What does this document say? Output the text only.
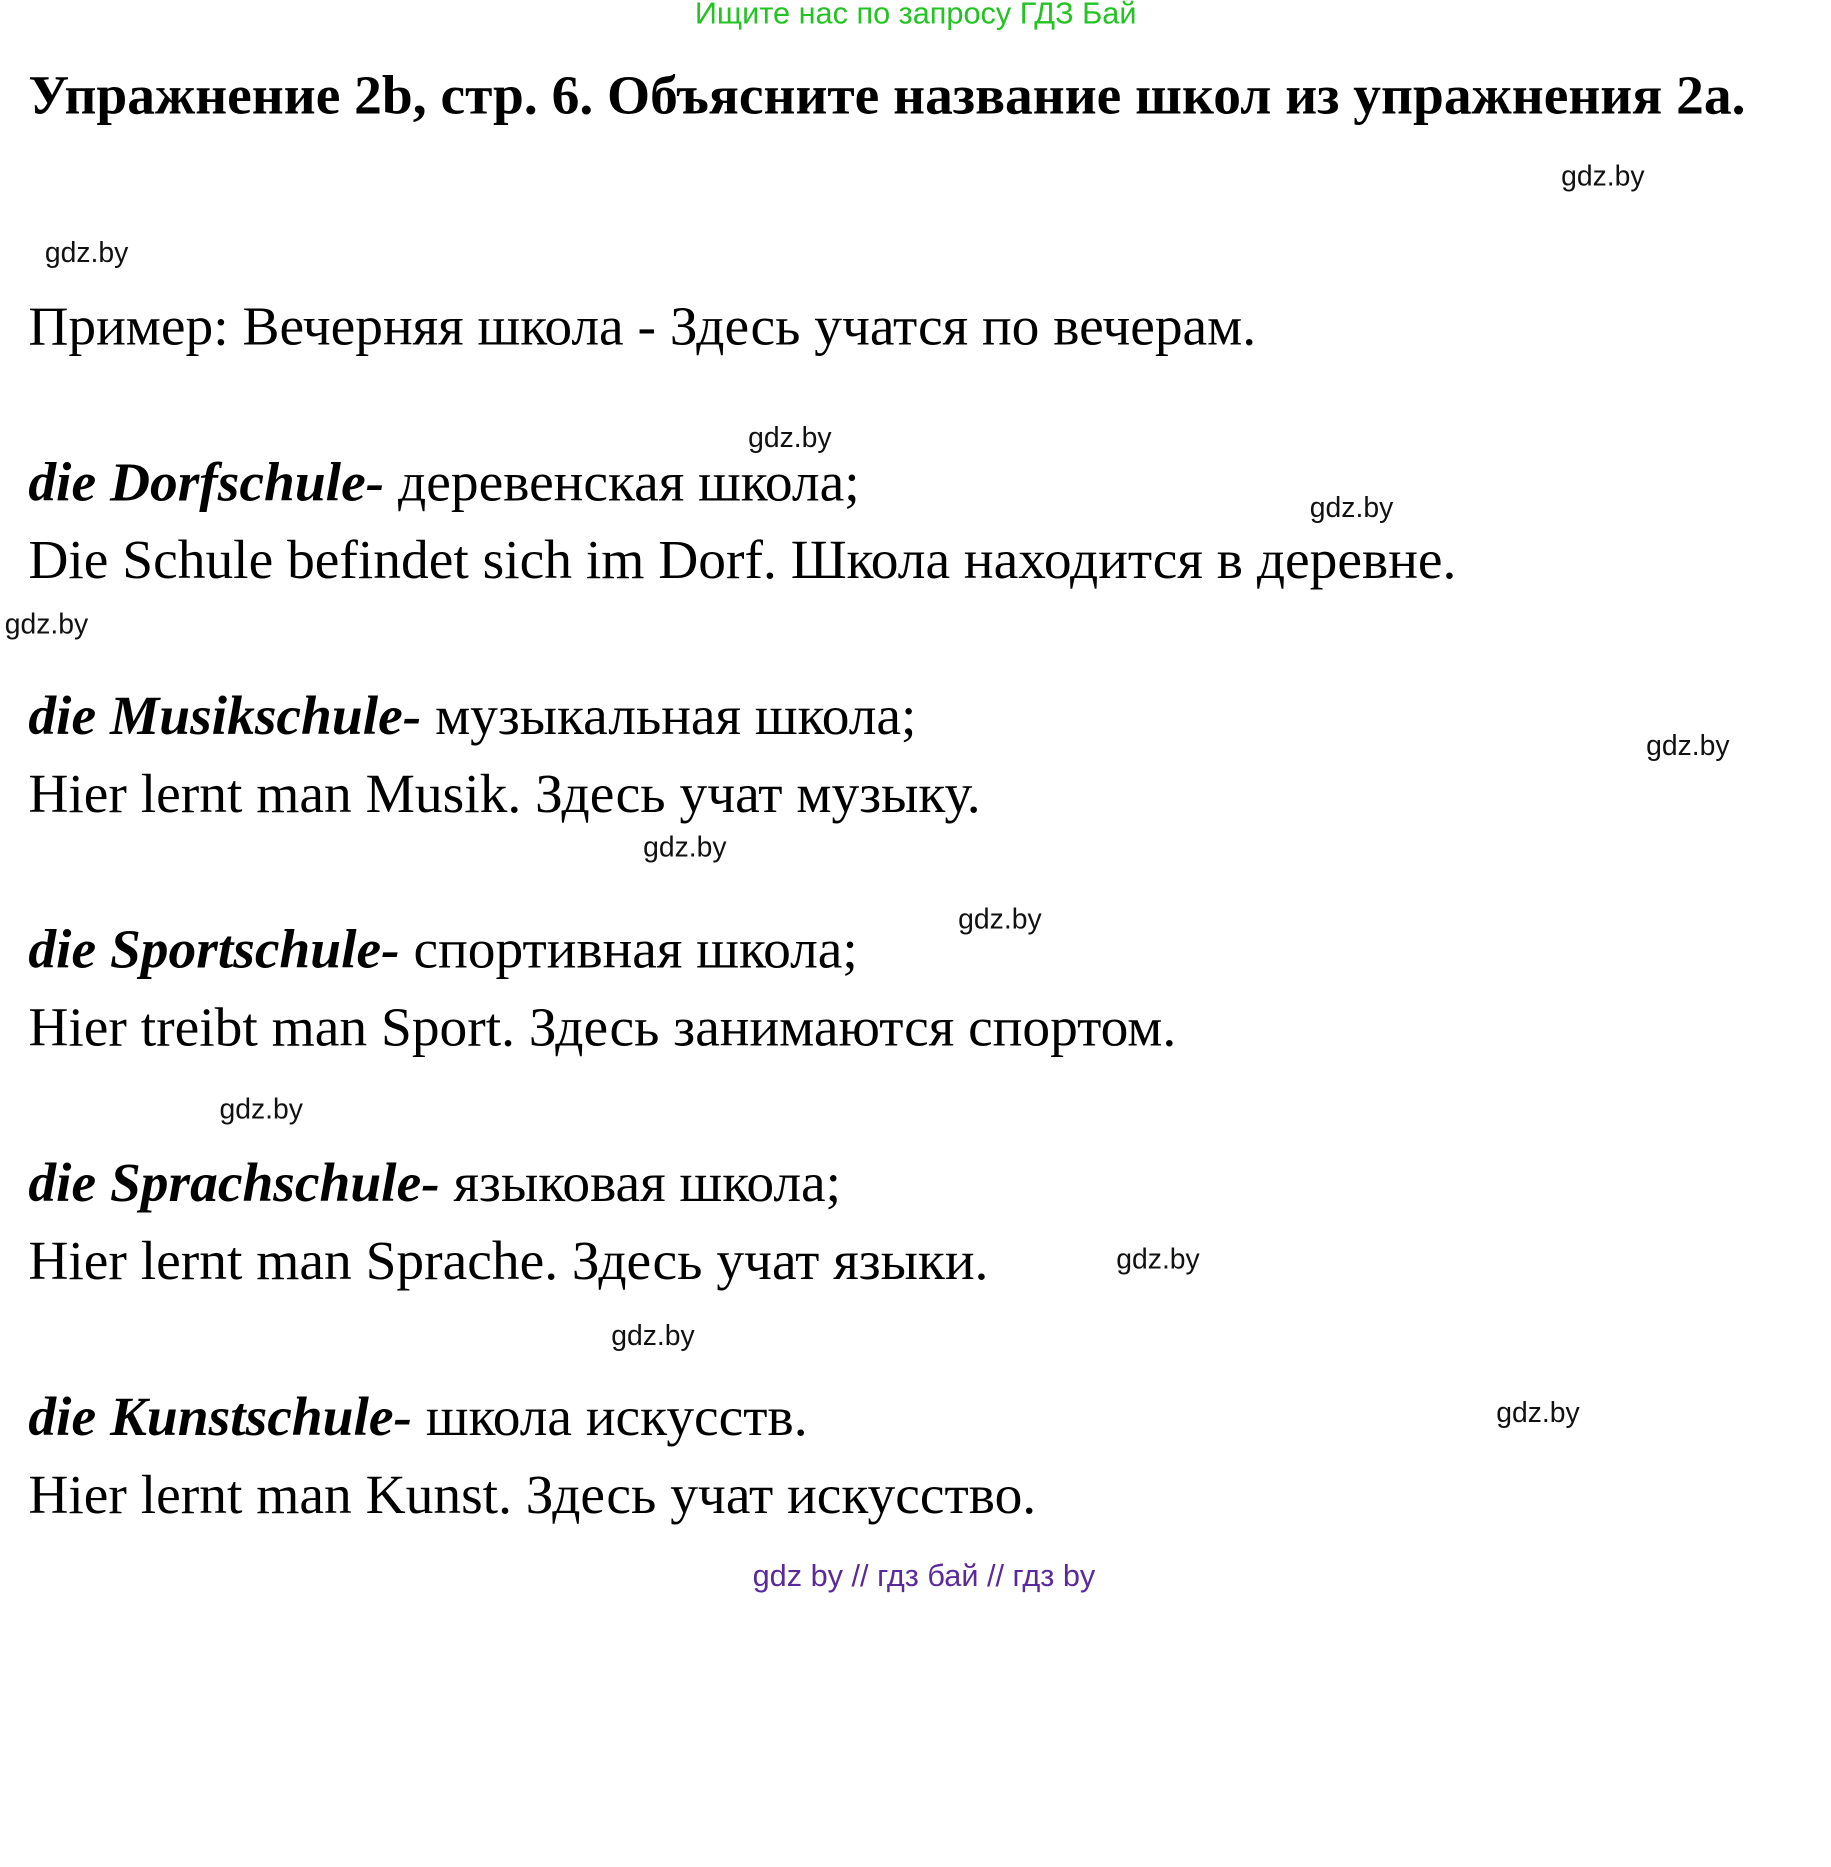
Ищите нас по запросу ГДЗ Бай
Упражнение 2b, стр. 6. Объясните название школ из упражнения 2a.
Пример: Вечерняя школа - Здесь учатся по вечерам.
die Dorfschule- деревенская школа;
Die Schule befindet sich im Dorf. Школа находится в деревне.
die Musikschule- музыкальная школа;
Hier lernt man Musik. Здесь учат музыку.
die Sportschule- спортивная школа;
Hier treibt man Sport. Здесь занимаются спортом.
die Sprachschule- языковая школа;
Hier lernt man Sprache. Здесь учат языки.
die Kunstschule- школа искусств.
Hier lernt man Kunst. Здесь учат искусство.
gdz.by
gdz.by
gdz.by
gdz.by
gdz.by
gdz.by
gdz.by
gdz.by
gdz.by
gdz.by
gdz.by
gdz.by
gdz by // гдз бай // гдз by
